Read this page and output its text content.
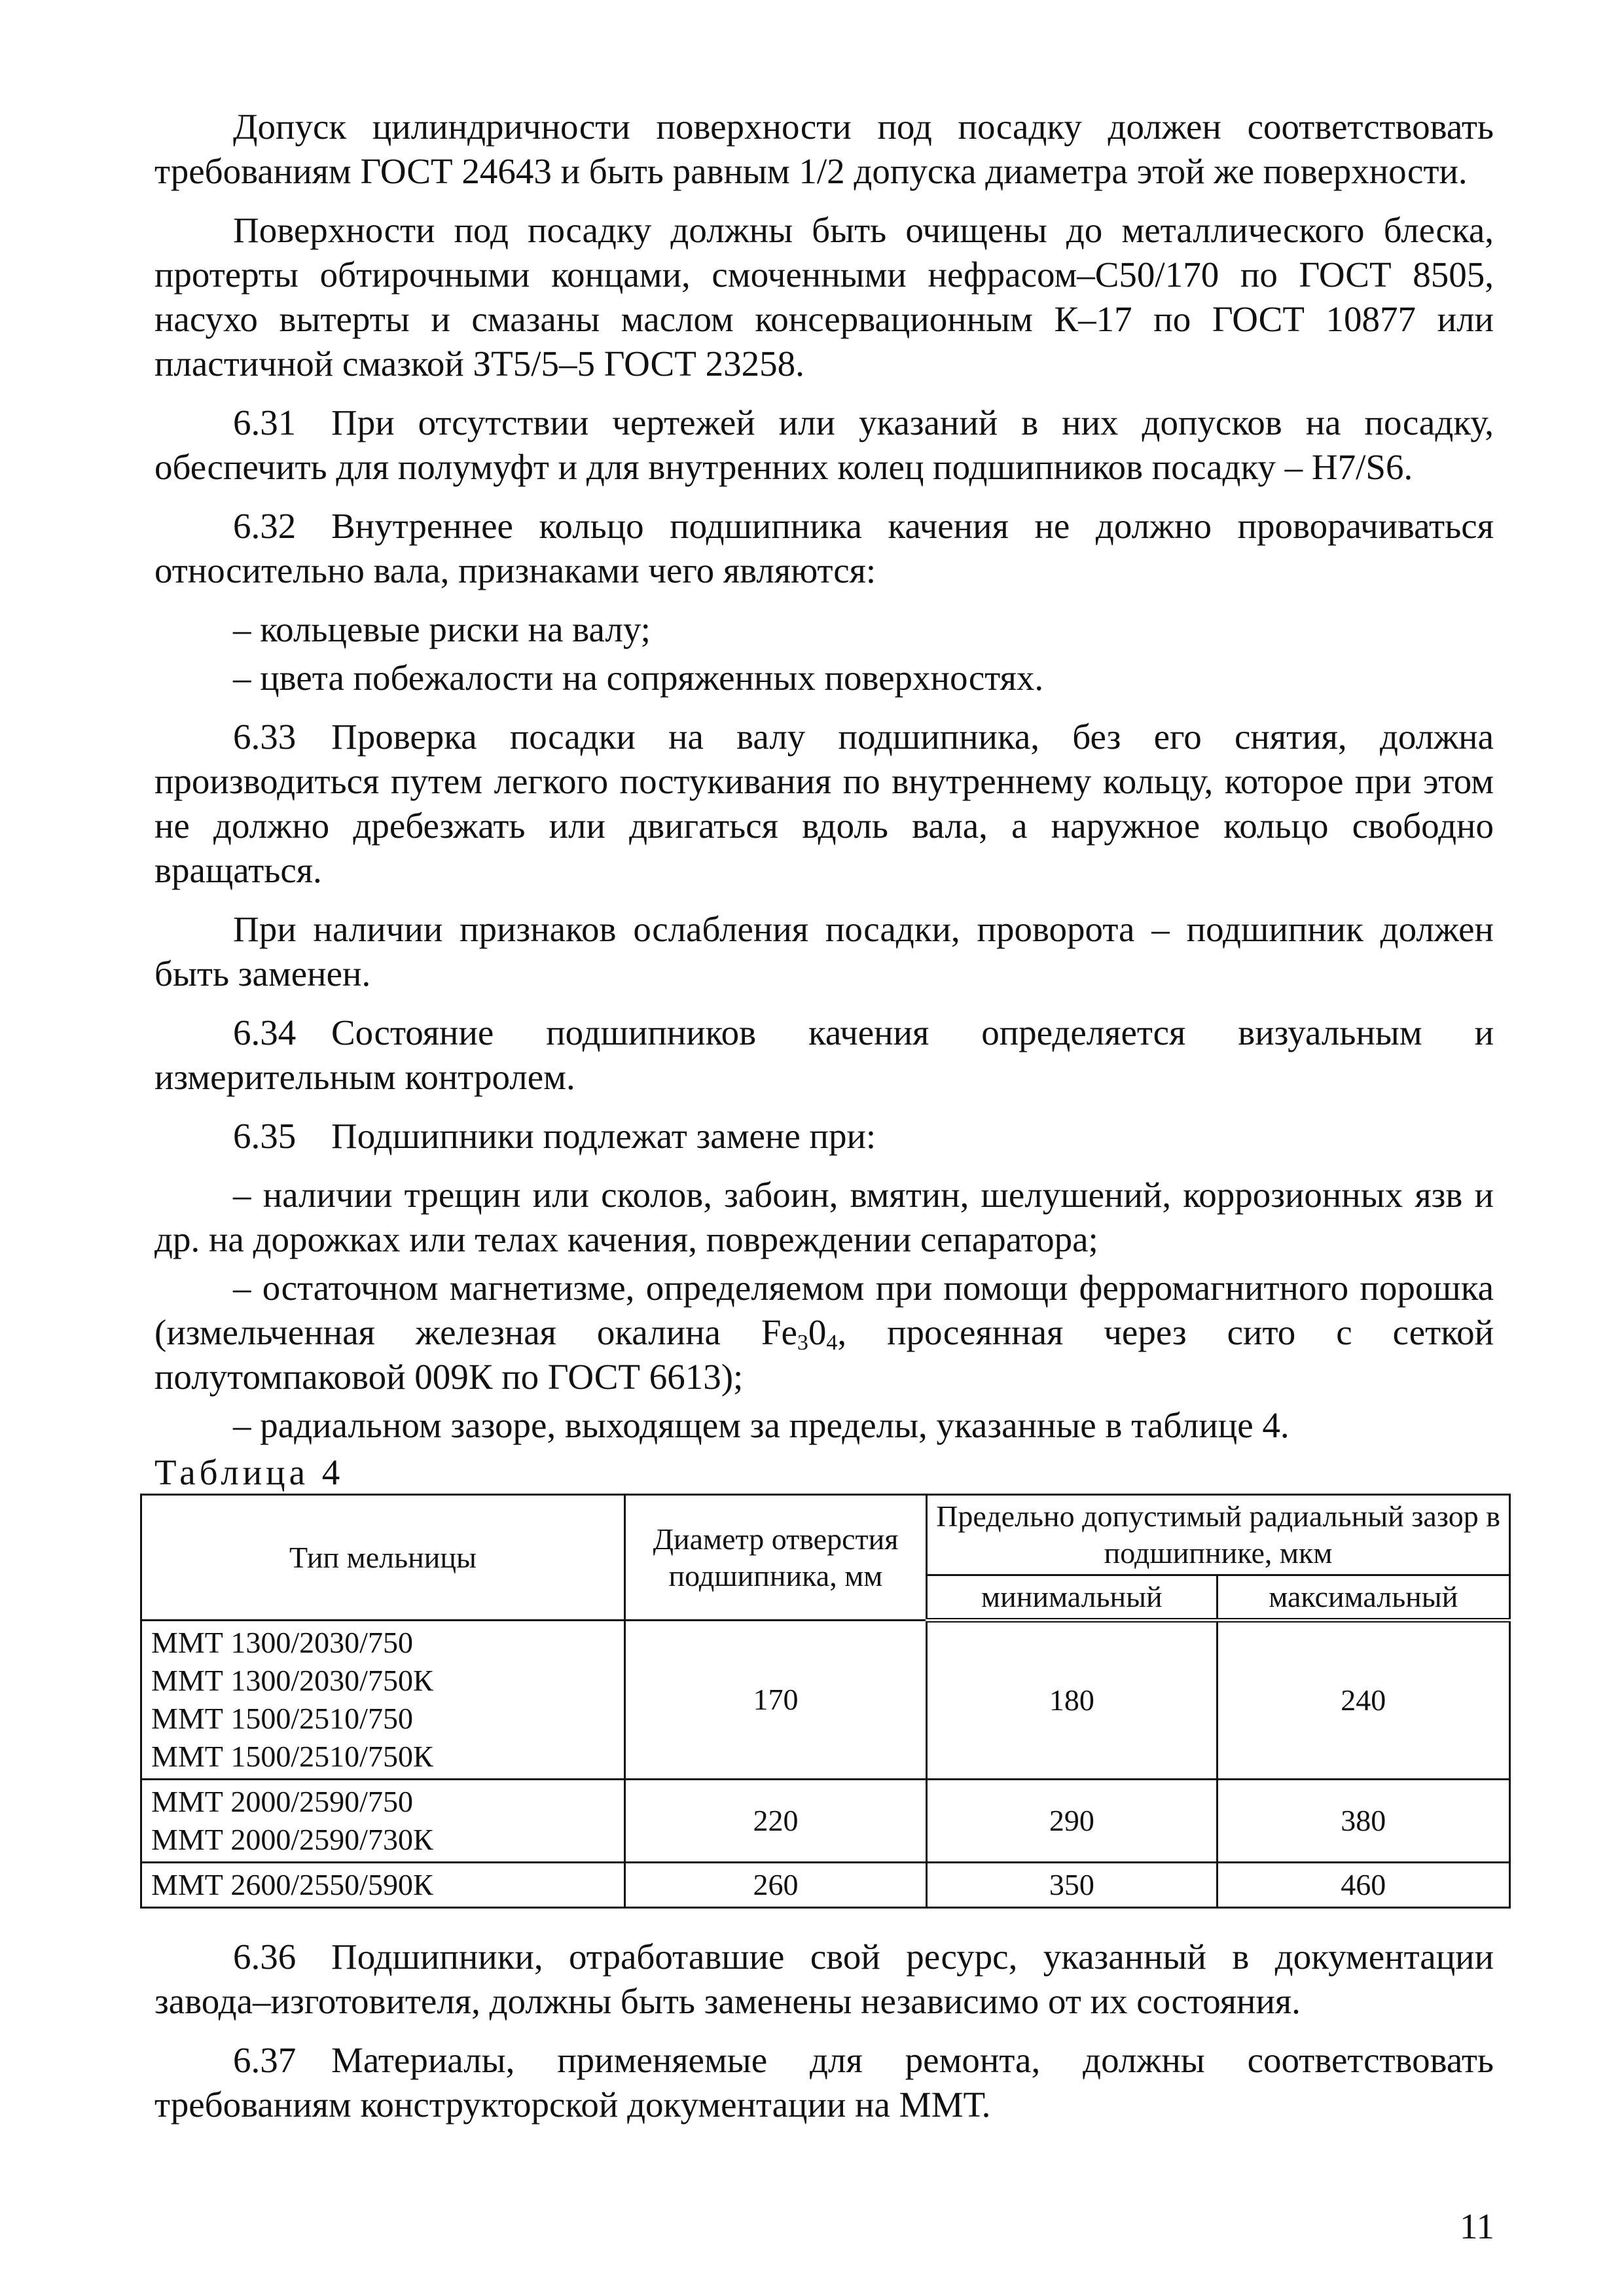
Допуск цилиндричности поверхности под посадку должен соответствовать требованиям ГОСТ 24643 и быть равным 1/2 допуска диаметра этой же поверхности.

Поверхности под посадку должны быть очищены до металлического блеска, протерты обтирочными концами, смоченными нефрасом–С50/170 по ГОСТ 8505, насухо вытерты и смазаны маслом консервационным К–17 по ГОСТ 10877 или пластичной смазкой ЗТ5/5–5 ГОСТ 23258.

6.31 При отсутствии чертежей или указаний в них допусков на посадку, обеспечить для полумуфт и для внутренних колец подшипников посадку – Н7/S6.

6.32 Внутреннее кольцо подшипника качения не должно проворачиваться относительно вала, признаками чего являются:

– кольцевые риски на валу;

– цвета побежалости на сопряженных поверхностях.

6.33 Проверка посадки на валу подшипника, без его снятия, должна производиться путем легкого постукивания по внутреннему кольцу, которое при этом не должно дребезжать или двигаться вдоль вала, а наружное кольцо свободно вращаться.

При наличии признаков ослабления посадки, проворота – подшипник должен быть заменен.

6.34 Состояние подшипников качения определяется визуальным и измерительным контролем.

6.35 Подшипники подлежат замене при:

– наличии трещин или сколов, забоин, вмятин, шелушений, коррозионных язв и др. на дорожках или телах качения, повреждении сепаратора;

– остаточном магнетизме, определяемом при помощи ферромагнитного порошка (измельченная железная окалина $Fe_30_4$, просеянная через сито с сеткой полутомпаковой 009К по ГОСТ 6613);

– радиальном зазоре, выходящем за пределы, указанные в таблице 4.

Таблица 4

Тип мельницы	Диаметр отверстия подшипника, мм	Предельно допустимый радиальный зазор в подшипнике, мкм	
		минимальный	максимальный

ММТ 1300/2030/750
ММТ 1300/2030/750К
ММТ 1500/2510/750
ММТ 1500/2510/750К	170	180	240

ММТ 2000/2590/750
ММТ 2000/2590/730К	220	290	380

ММТ 2600/2550/590К	260	350	460

6.36 Подшипники, отработавшие свой ресурс, указанный в документации завода–изготовителя, должны быть заменены независимо от их состояния.

6.37 Материалы, применяемые для ремонта, должны соответствовать требованиям конструкторской документации на ММТ.

11
